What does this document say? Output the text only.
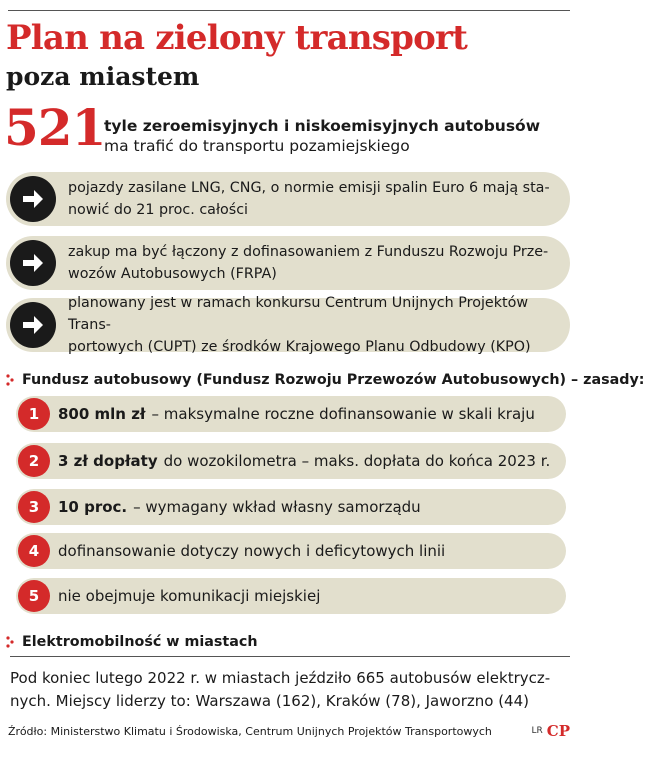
Plan na zielony transport
poza miastem
521
tyle zeroemisyjnych i niskoemisyjnych autobusów
ma trafić do transportu pozamiejskiego
pojazdy zasilane LNG, CNG, o normie emisji spalin Euro 6 mają sta-
nowić do 21 proc. całości
zakup ma być łączony z dofinasowaniem z Funduszu Rozwoju Prze-
wozów Autobusowych (FRPA)
planowany jest w ramach konkursu Centrum Unijnych Projektów Trans-
portowych (CUPT) ze środków Krajowego Planu Odbudowy (KPO)
Fundusz autobusowy (Fundusz Rozwoju Przewozów Autobusowych) – zasady:
1	800 mln zł – maksymalne roczne dofinansowanie w skali kraju
2	3 zł dopłaty do wozokilometra – maks. dopłata do końca 2023 r.
3	10 proc. – wymagany wkład własny samorządu
4	dofinansowanie dotyczy nowych i deficytowych linii
5	nie obejmuje komunikacji miejskiej
Elektromobilność w miastach
Pod koniec lutego 2022 r. w miastach jeździło 665 autobusów elektrycz-
nych. Miejscy liderzy to: Warszawa (162), Kraków (78), Jaworzno (44)
Źródło: Ministerstwo Klimatu i Środowiska, Centrum Unijnych Projektów Transportowych	LR CP
